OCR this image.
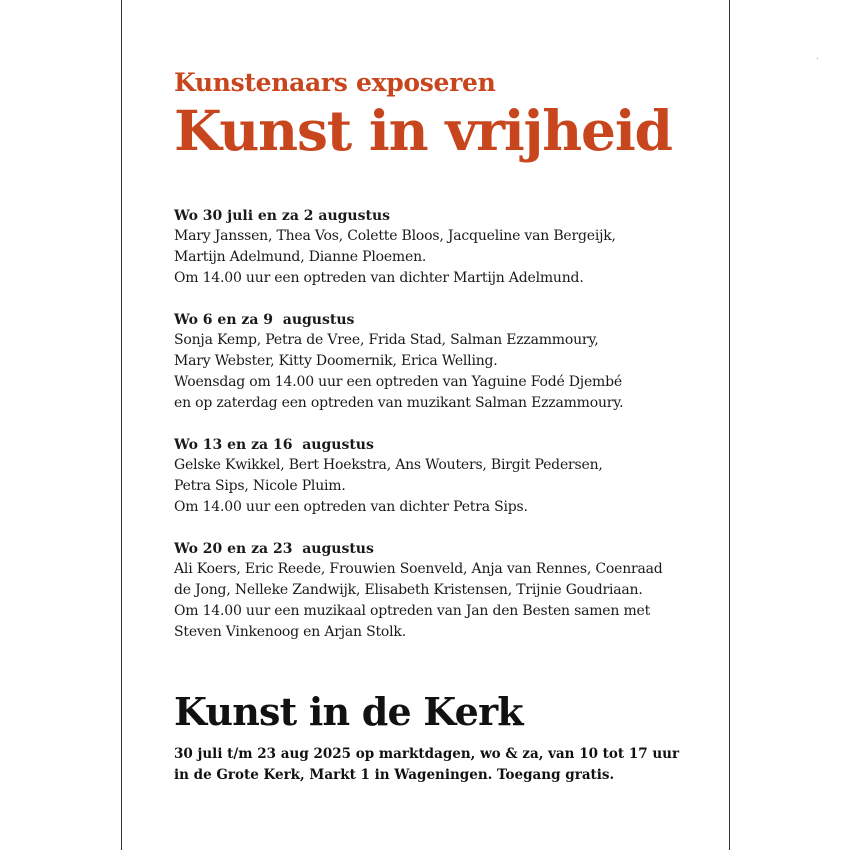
Kunstenaars exposeren
Kunst in vrijheid
Wo 30 juli en za 2 augustus
Mary Janssen, Thea Vos, Colette Bloos, Jacqueline van Bergeijk,
Martijn Adelmund, Dianne Ploemen.
Om 14.00 uur een optreden van dichter Martijn Adelmund.
Wo 6 en za 9  augustus
Sonja Kemp, Petra de Vree, Frida Stad, Salman Ezzammoury,
Mary Webster, Kitty Doomernik, Erica Welling.
Woensdag om 14.00 uur een optreden van Yaguine Fodé Djembé
en op zaterdag een optreden van muzikant Salman Ezzammoury.
Wo 13 en za 16  augustus
Gelske Kwikkel, Bert Hoekstra, Ans Wouters, Birgit Pedersen,
Petra Sips, Nicole Pluim.
Om 14.00 uur een optreden van dichter Petra Sips.
Wo 20 en za 23  augustus
Ali Koers, Eric Reede, Frouwien Soenveld, Anja van Rennes, Coenraad
de Jong, Nelleke Zandwijk, Elisabeth Kristensen, Trijnie Goudriaan.
Om 14.00 uur een muzikaal optreden van Jan den Besten samen met
Steven Vinkenoog en Arjan Stolk.
Kunst in de Kerk
30 juli t/m 23 aug 2025 op marktdagen, wo & za, van 10 tot 17 uur
in de Grote Kerk, Markt 1 in Wageningen. Toegang gratis.
